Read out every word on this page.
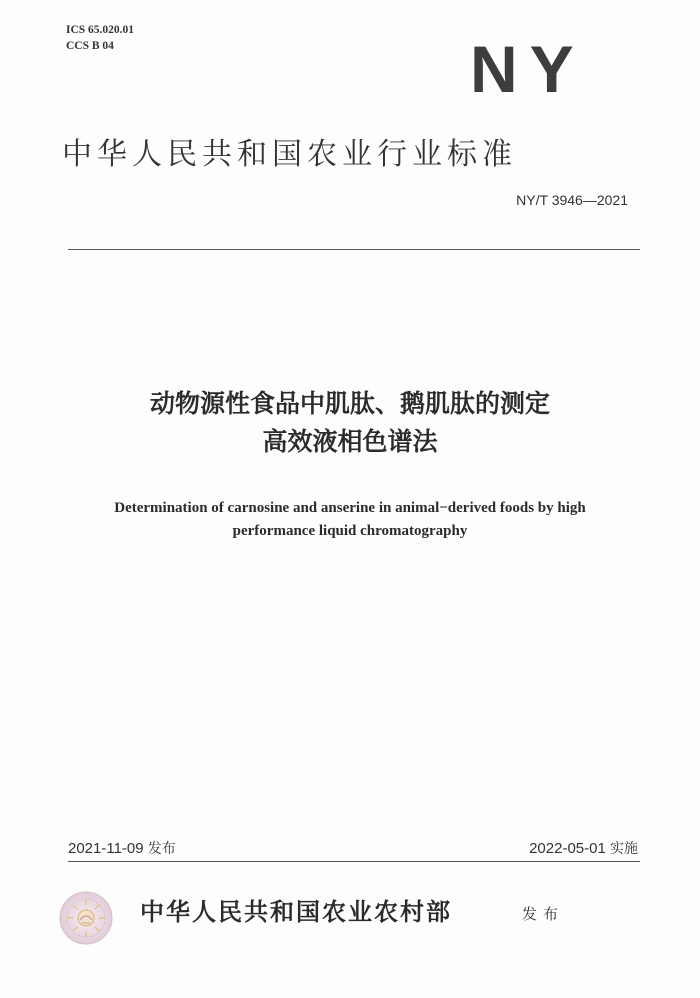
ICS 65.020.01
CCS B 04	NY
中华人民共和国农业行业标准
NY/T 3946—2021
动物源性食品中肌肽、鹅肌肽的测定
高效液相色谱法
Determination of carnosine and anserine in animal−derived foods by high
performance liquid chromatography
2021-11-09 发布	2022-05-01 实施
中华人民共和国农业农村部	发布
